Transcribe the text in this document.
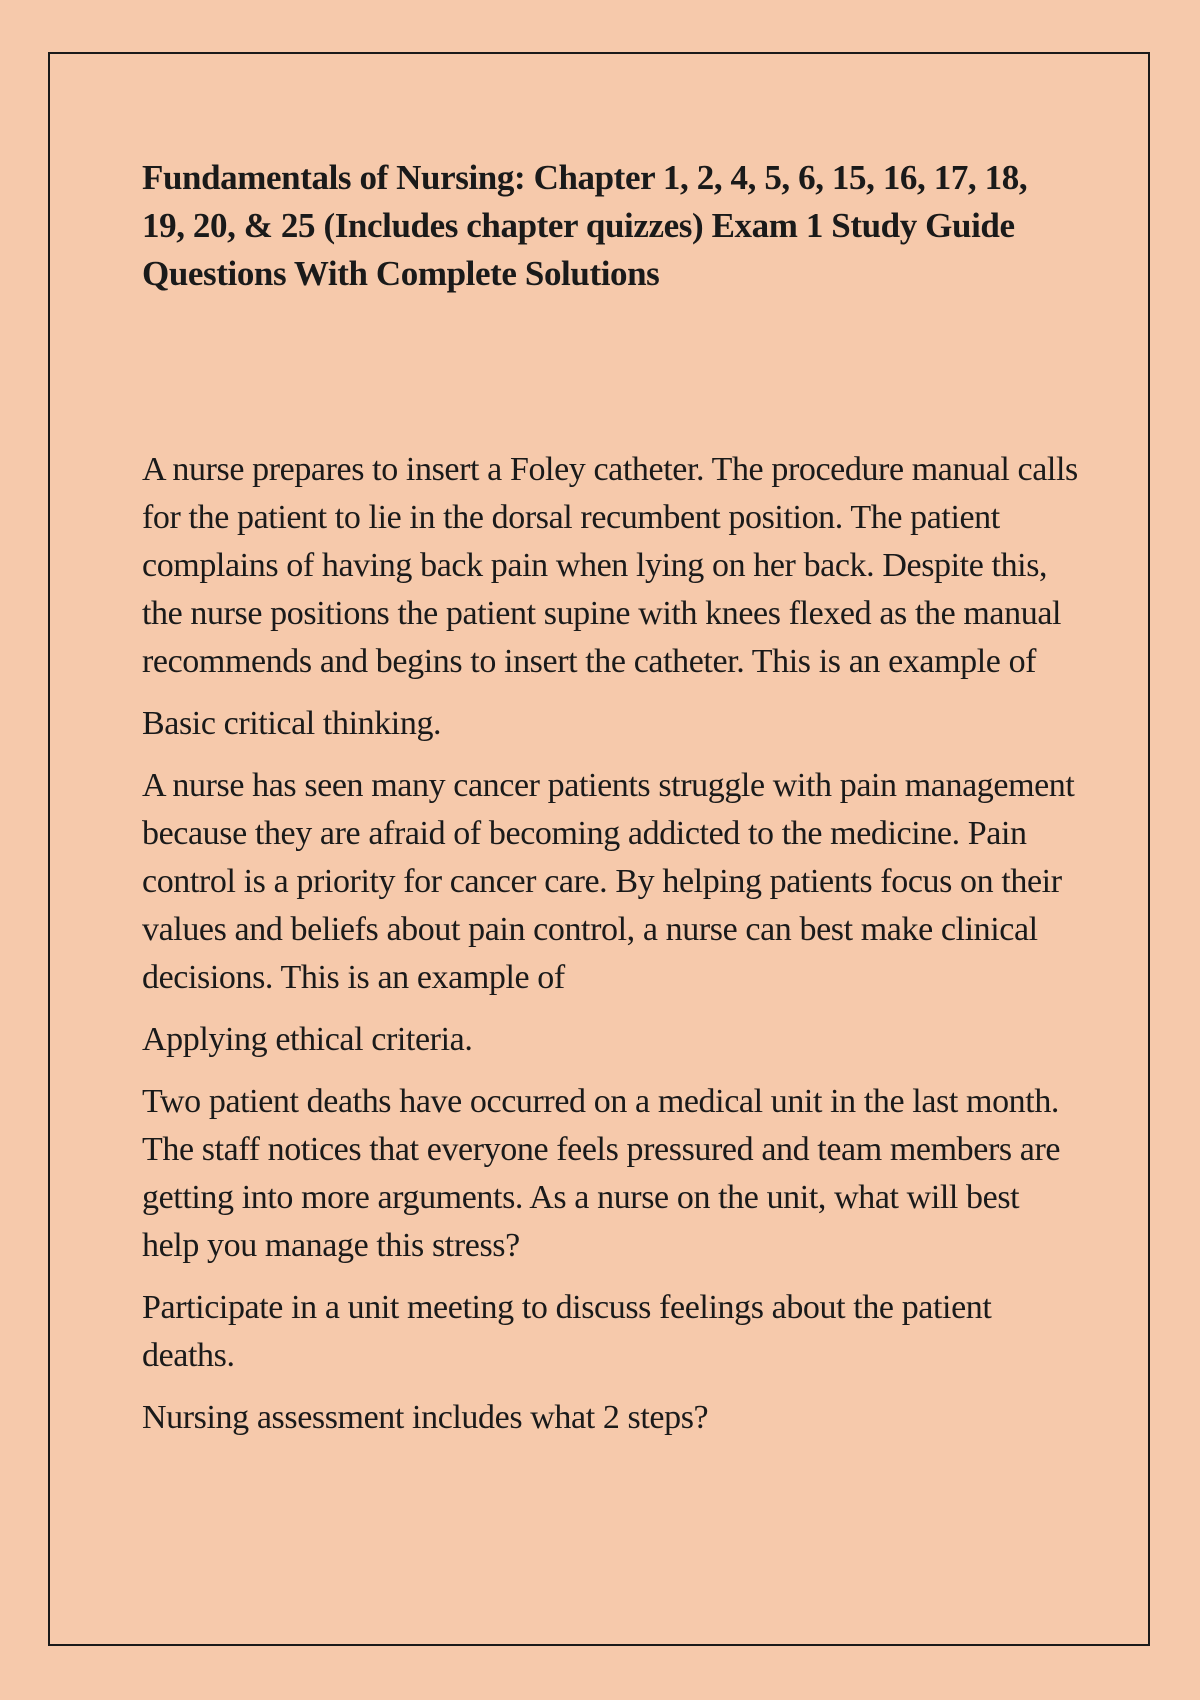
Fundamentals of Nursing: Chapter 1, 2, 4, 5, 6, 15, 16, 17, 18, 19, 20, & 25 (Includes chapter quizzes) Exam 1 Study Guide Questions With Complete Solutions

A nurse prepares to insert a Foley catheter. The procedure manual calls for the patient to lie in the dorsal recumbent position. The patient complains of having back pain when lying on her back. Despite this, the nurse positions the patient supine with knees flexed as the manual recommends and begins to insert the catheter. This is an example of

Basic critical thinking.

A nurse has seen many cancer patients struggle with pain management because they are afraid of becoming addicted to the medicine. Pain control is a priority for cancer care. By helping patients focus on their values and beliefs about pain control, a nurse can best make clinical decisions. This is an example of

Applying ethical criteria.

Two patient deaths have occurred on a medical unit in the last month. The staff notices that everyone feels pressured and team members are getting into more arguments. As a nurse on the unit, what will best help you manage this stress?

Participate in a unit meeting to discuss feelings about the patient deaths.

Nursing assessment includes what 2 steps?
